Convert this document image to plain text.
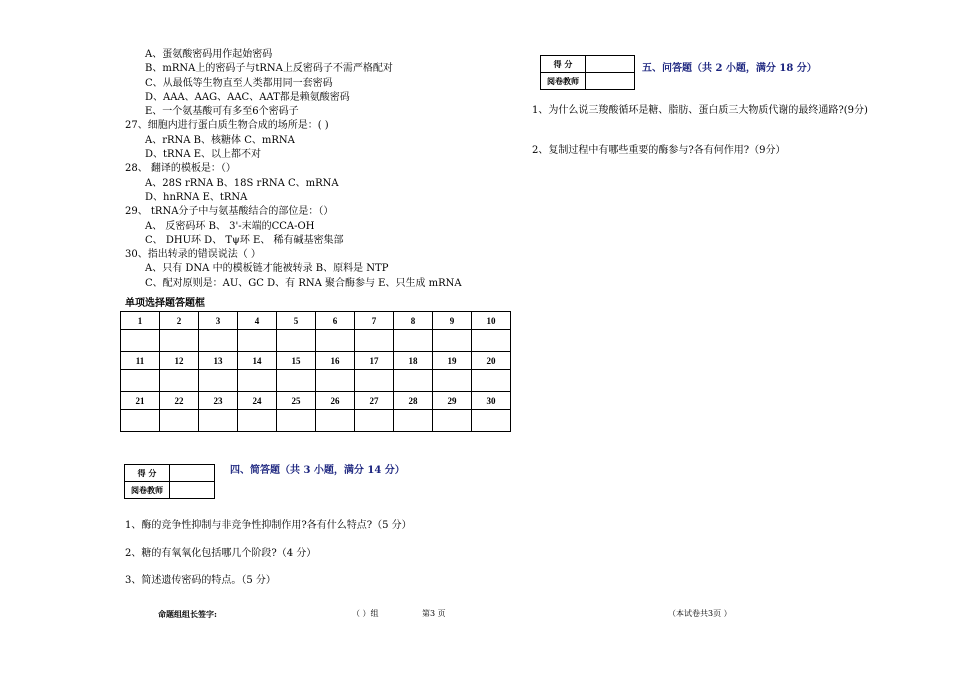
A、蛋氨酸密码用作起始密码
B、mRNA上的密码子与tRNA上反密码子不需严格配对
C、从最低等生物直至人类都用同一套密码
D、AAA、AAG、AAC、AAT都是赖氨酸密码
E、一个氨基酸可有多至6个密码子
27、细胞内进行蛋白质生物合成的场所是：( )
A、rRNA B、核糖体 C、mRNA
D、tRNA E、以上都不对
28、 翻译的模板是：（）
A、28S rRNA B、18S rRNA C、mRNA
D、hnRNA E、tRNA
29、 tRNA分子中与氨基酸结合的部位是：（）
A、 反密码环 B、 3'-末端的CCA-OH
C、 DHU环 D、 Tψ环 E、 稀有碱基密集部
30、指出转录的错误说法（ ）
A、只有 DNA 中的模板链才能被转录 B、原料是 NTP
C、配对原则是：AU、GC D、有 RNA 聚合酶参与 E、只生成 mRNA
单项选择题答题框
1	2	3	4	5	6	7	8	9	10

11	12	13	14	15	16	17	18	19	20

21	22	23	24	25	26	27	28	29	30

得 分	
阅卷教师	
四、简答题（共 3 小题，满分 14 分）
1、酶的竞争性抑制与非竞争性抑制作用?各有什么特点?（5 分）
2、糖的有氧氧化包括哪几个阶段?（4 分）
3、简述遗传密码的特点。（5 分）
得 分	
阅卷教师	
五、问答题（共 2 小题，满分 18 分）
1、为什么说三羧酸循环是糖、脂肪、蛋白质三大物质代谢的最终通路?(9分)
2、复制过程中有哪些重要的酶参与?各有何作用?（9分）
命题组组长签字:	（ ）组	第3 页	（本试卷共3页 ）
